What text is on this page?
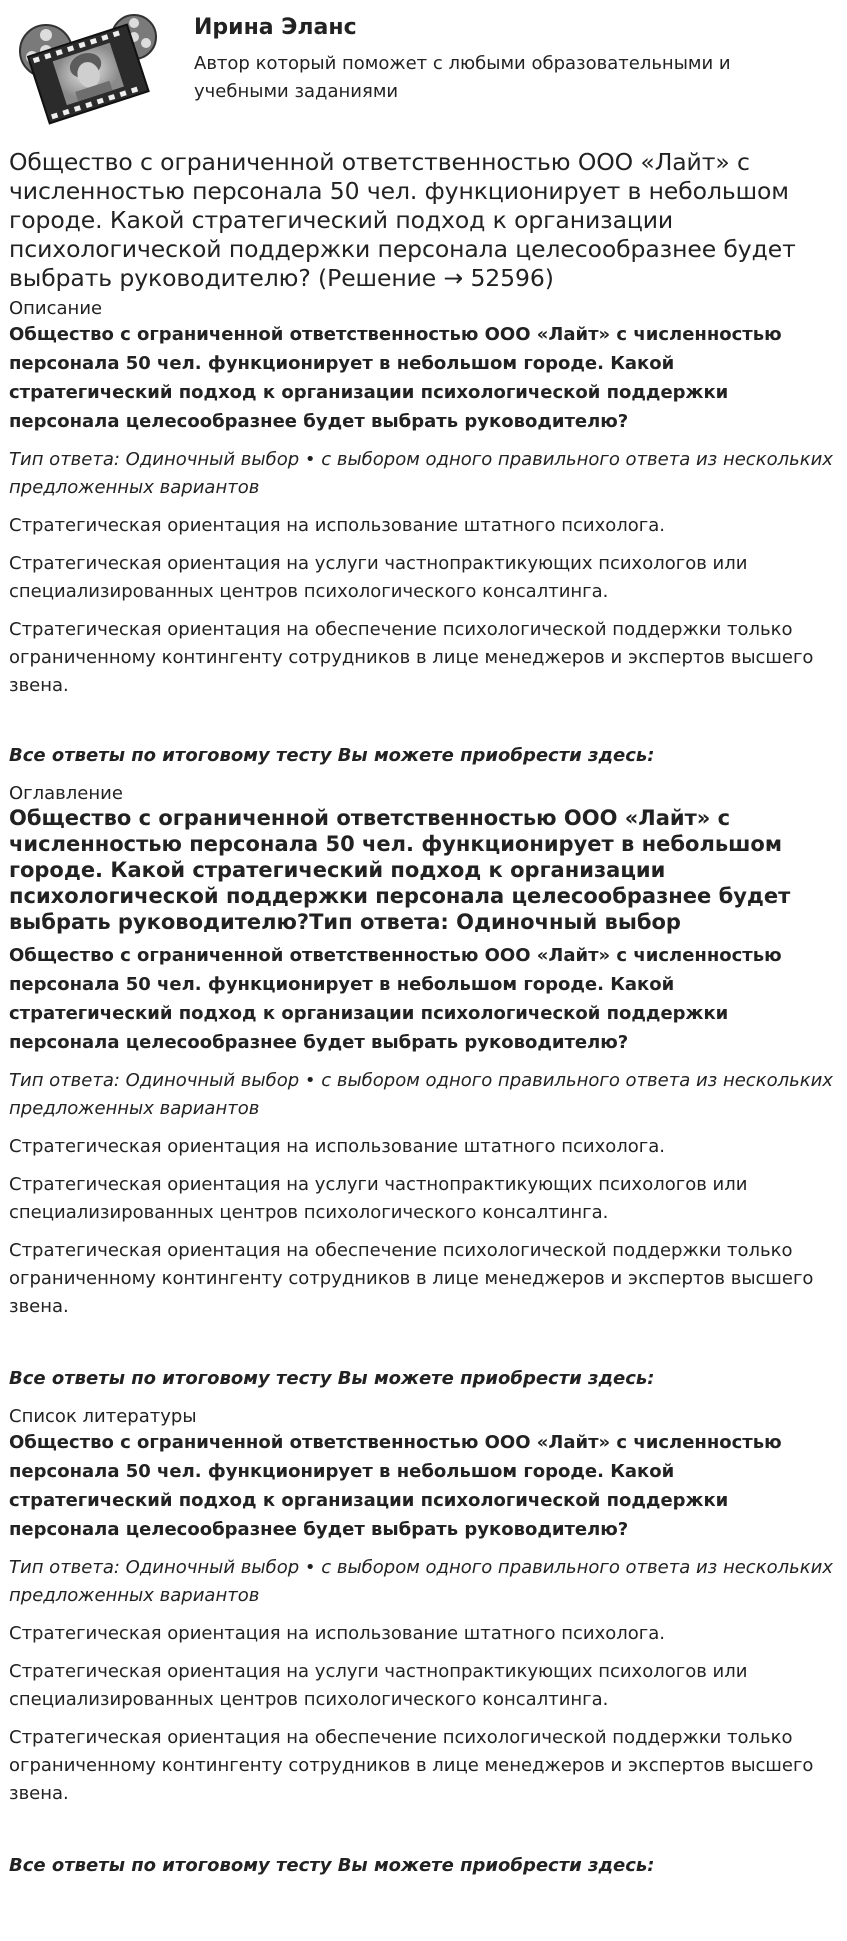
Ирина Эланс

Автор который поможет с любыми образовательными и учебными заданиями

Общество с ограниченной ответственностью ООО «Лайт» с численностью персонала 50 чел. функционирует в небольшом городе. Какой стратегический подход к организации психологической поддержки персонала целесообразнее будет выбрать руководителю? (Решение → 52596)

Описание

Общество с ограниченной ответственностью ООО «Лайт» с численностью персонала 50 чел. функционирует в небольшом городе. Какой стратегический подход к организации психологической поддержки персонала целесообразнее будет выбрать руководителю?

Тип ответа: Одиночный выбор • с выбором одного правильного ответа из нескольких предложенных вариантов

Стратегическая ориентация на использование штатного психолога.

Стратегическая ориентация на услуги частнопрактикующих психологов или специализированных центров психологического консалтинга.

Стратегическая ориентация на обеспечение психологической поддержки только ограниченному контингенту сотрудников в лице менеджеров и экспертов высшего звена.

Все ответы по итоговому тесту Вы можете приобрести здесь:

Оглавление

Общество с ограниченной ответственностью ООО «Лайт» с численностью персонала 50 чел. функционирует в небольшом городе. Какой стратегический подход к организации психологической поддержки персонала целесообразнее будет выбрать руководителю?Тип ответа: Одиночный выбор

Общество с ограниченной ответственностью ООО «Лайт» с численностью персонала 50 чел. функционирует в небольшом городе. Какой стратегический подход к организации психологической поддержки персонала целесообразнее будет выбрать руководителю?

Тип ответа: Одиночный выбор • с выбором одного правильного ответа из нескольких предложенных вариантов

Стратегическая ориентация на использование штатного психолога.

Стратегическая ориентация на услуги частнопрактикующих психологов или специализированных центров психологического консалтинга.

Стратегическая ориентация на обеспечение психологической поддержки только ограниченному контингенту сотрудников в лице менеджеров и экспертов высшего звена.

Все ответы по итоговому тесту Вы можете приобрести здесь:

Список литературы

Общество с ограниченной ответственностью ООО «Лайт» с численностью персонала 50 чел. функционирует в небольшом городе. Какой стратегический подход к организации психологической поддержки персонала целесообразнее будет выбрать руководителю?

Тип ответа: Одиночный выбор • с выбором одного правильного ответа из нескольких предложенных вариантов

Стратегическая ориентация на использование штатного психолога.

Стратегическая ориентация на услуги частнопрактикующих психологов или специализированных центров психологического консалтинга.

Стратегическая ориентация на обеспечение психологической поддержки только ограниченному контингенту сотрудников в лице менеджеров и экспертов высшего звена.

Все ответы по итоговому тесту Вы можете приобрести здесь:
